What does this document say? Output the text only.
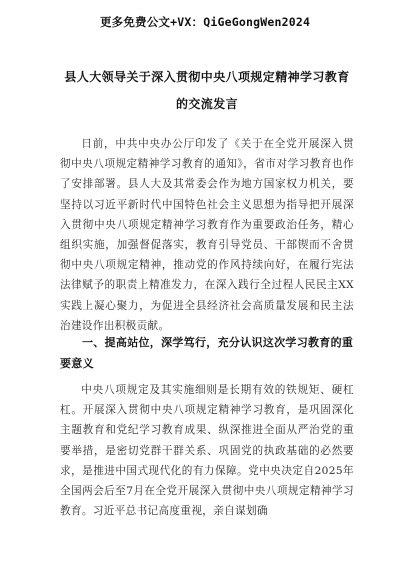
更多免费公文+VX：QiGeGongWen2024
县人大领导关于深入贯彻中央八项规定精神学习教育的交流发言
日前，中共中央办公厅印发了《关于在全党开展深入贯彻中央八项规定精神学习教育的通知》，省市对学习教育也作了安排部署。县人大及其常委会作为地方国家权力机关，要坚持以习近平新时代中国特色社会主义思想为指导把开展深入贯彻中央八项规定精神学习教育作为重要政治任务，精心组织实施，加强督促落实，教育引导党员、干部锲而不舍贯彻中央八项规定精神，推动党的作风持续向好，在履行宪法法律赋予的职责上精准发力，在深入践行全过程人民民主XX实践上凝心聚力，为促进全县经济社会高质量发展和民主法治建设作出积极贡献。
一、提高站位，深学笃行，充分认识这次学习教育的重要意义
中央八项规定及其实施细则是长期有效的铁规矩、硬杠杠。开展深入贯彻中央八项规定精神学习教育，是巩固深化主题教育和党纪学习教育成果、纵深推进全面从严治党的重要举措，是密切党群干群关系、巩固党的执政基础的必然要求，是推进中国式现代化的有力保障。党中央决定自2025年全国两会后至7月在全党开展深入贯彻中央八项规定精神学习教育。习近平总书记高度重视，亲自谋划确
